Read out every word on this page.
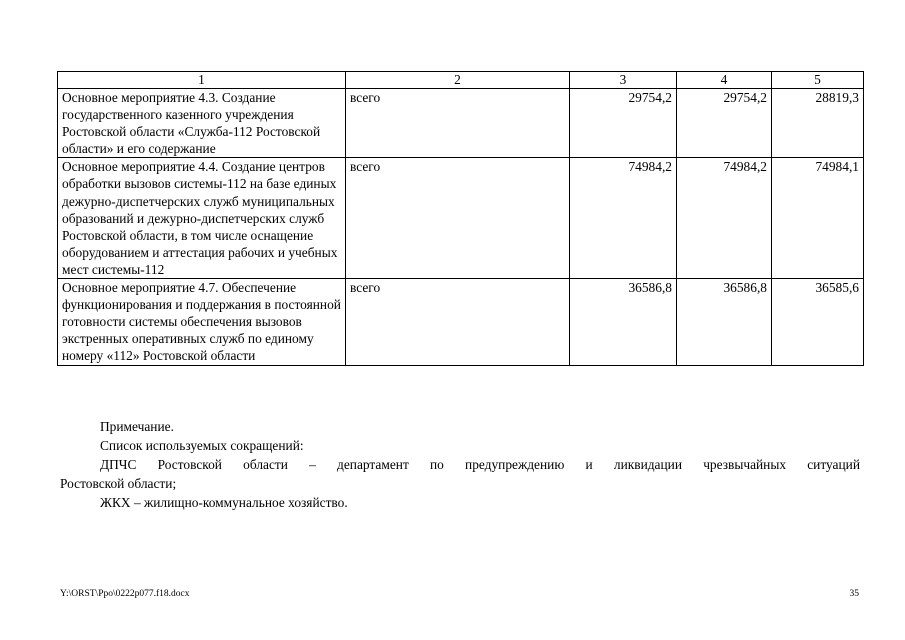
1	2	3	4	5
Основное мероприятие 4.3. Создание государственного казенного учреждения Ростовской области «Служба-112 Ростовской области» и его содержание	всего	29754,2	29754,2	28819,3
Основное мероприятие 4.4. Создание центров обработки вызовов системы-112 на базе единых дежурно-диспетчерских служб муниципальных образований и дежурно-диспетчерских служб Ростовской области, в том числе оснащение оборудованием и аттестация рабочих и учебных мест системы-112	всего	74984,2	74984,2	74984,1
Основное мероприятие 4.7. Обеспечение функционирования и поддержания в постоянной готовности системы обеспечения вызовов экстренных оперативных служб по единому номеру «112» Ростовской области	всего	36586,8	36586,8	36585,6

Примечание.

Список используемых сокращений:

ДПЧС Ростовской области – департамент по предупреждению и ликвидации чрезвычайных ситуаций

Ростовской области;

ЖКХ – жилищно-коммунальное хозяйство.

Y:\ORST\Ppo\0222p077.f18.docx	35
